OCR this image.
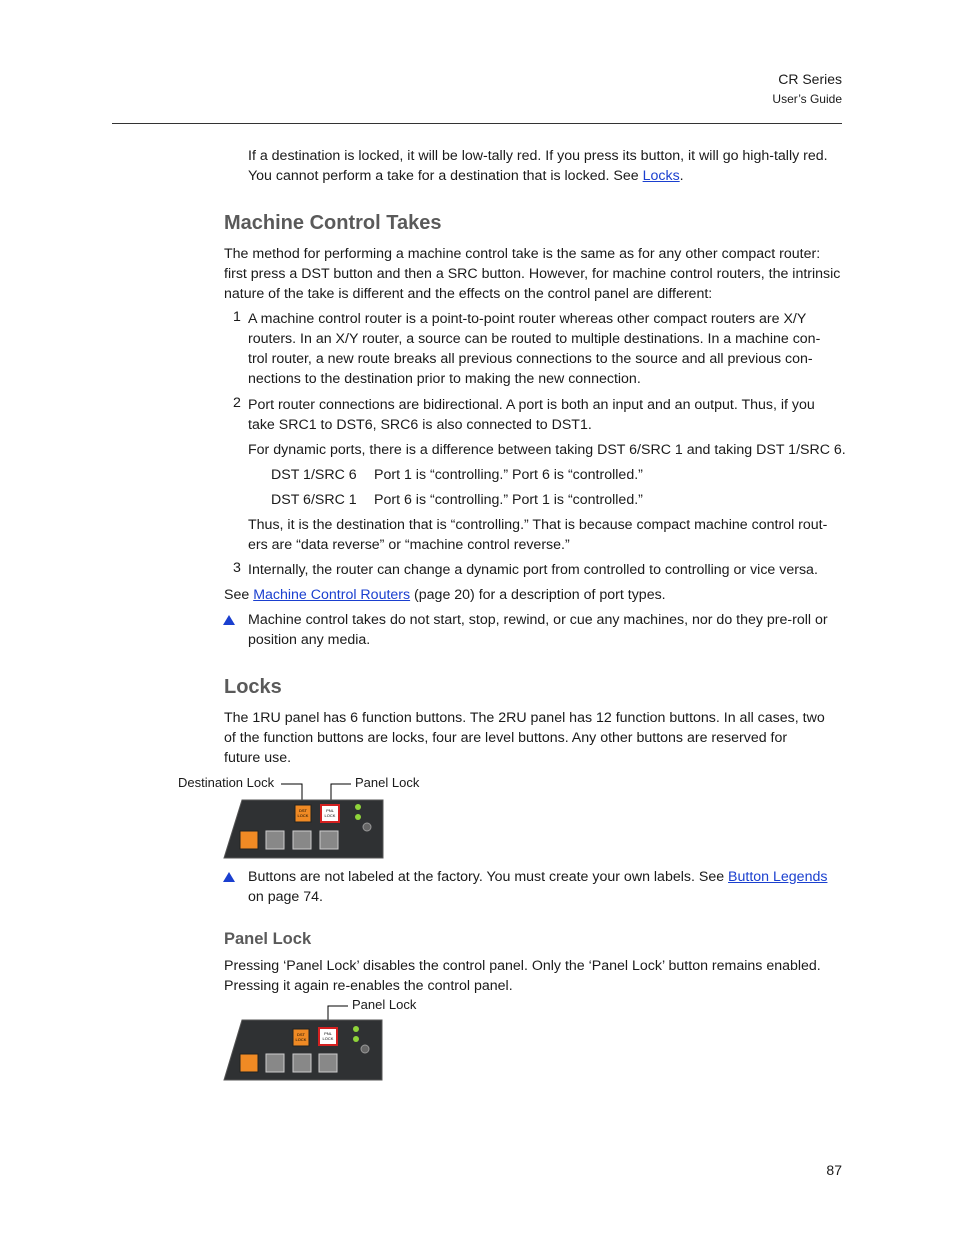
CR Series
User’s Guide

If a destination is locked, it will be low-tally red. If you press its button, it will go high-tally red. You cannot perform a take for a destination that is locked. See Locks.

Machine Control Takes

The method for performing a machine control take is the same as for any other compact router: first press a DST button and then a SRC button. However, for machine control routers, the intrinsic nature of the take is different and the effects on the control panel are different:

1 A machine control router is a point-to-point router whereas other compact routers are X/Y
routers. In an X/Y router, a source can be routed to multiple destinations. In a machine con-
trol router, a new route breaks all previous connections to the source and all previous con-
nections to the destination prior to making the new connection.
2 Port router connections are bidirectional. A port is both an input and an output. Thus, if you
take SRC1 to DST6, SRC6 is also connected to DST1.
For dynamic ports, there is a difference between taking DST 6/SRC 1 and taking DST 1/SRC 6.
DST 1/SRC 6 Port 1 is “controlling.” Port 6 is “controlled.”
DST 6/SRC 1 Port 6 is “controlling.” Port 1 is “controlled.”
Thus, it is the destination that is “controlling.” That is because compact machine control rout-
ers are “data reverse” or “machine control reverse.”
3 Internally, the router can change a dynamic port from controlled to controlling or vice versa.
See Machine Control Routers (page 20) for a description of port types.
Machine control takes do not start, stop, rewind, or cue any machines, nor do they pre-roll or
position any media.
Locks
The 1RU panel has 6 function buttons. The 2RU panel has 12 function buttons. In all cases, two
of the function buttons are locks, four are level buttons. Any other buttons are reserved for
future use.
Destination Lock	Panel Lock
DST
LOCK
PNL
LOCK
Buttons are not labeled at the factory. You must create your own labels. See Button Legends
on page 74.
Panel Lock
Pressing ‘Panel Lock’ disables the control panel. Only the ‘Panel Lock’ button remains enabled.
Pressing it again re-enables the control panel.
Panel Lock
DST
LOCK
PNL
LOCK
87
